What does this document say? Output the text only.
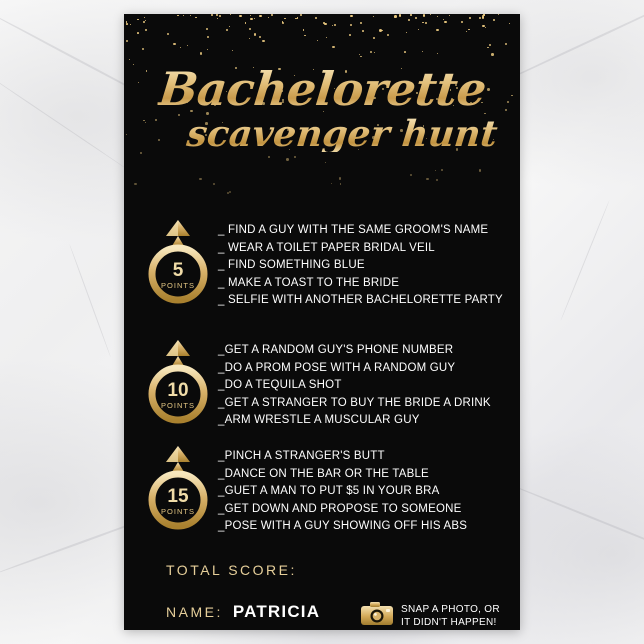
Bachelorette scavenger hunt
5
POINTS
_ FIND A GUY WITH THE SAME GROOM'S NAME
_ WEAR A TOILET PAPER BRIDAL VEIL
_ FIND SOMETHING BLUE
_ MAKE A TOAST TO THE BRIDE
_ SELFIE WITH ANOTHER BACHELORETTE PARTY
10
POINTS
_GET A RANDOM GUY'S PHONE NUMBER
_DO A PROM POSE WITH A RANDOM GUY
_DO A TEQUILA SHOT
_GET A STRANGER TO BUY THE BRIDE A DRINK
_ARM WRESTLE A MUSCULAR GUY
15
POINTS
_PINCH A STRANGER'S BUTT
_DANCE ON THE BAR OR THE TABLE
_GUET A MAN TO PUT $5 IN YOUR BRA
_GET DOWN AND PROPOSE TO SOMEONE
_POSE WITH A GUY SHOWING OFF HIS ABS
TOTAL SCORE:
NAME: PATRICIA	SNAP A PHOTO, OR
IT DIDN'T HAPPEN!
